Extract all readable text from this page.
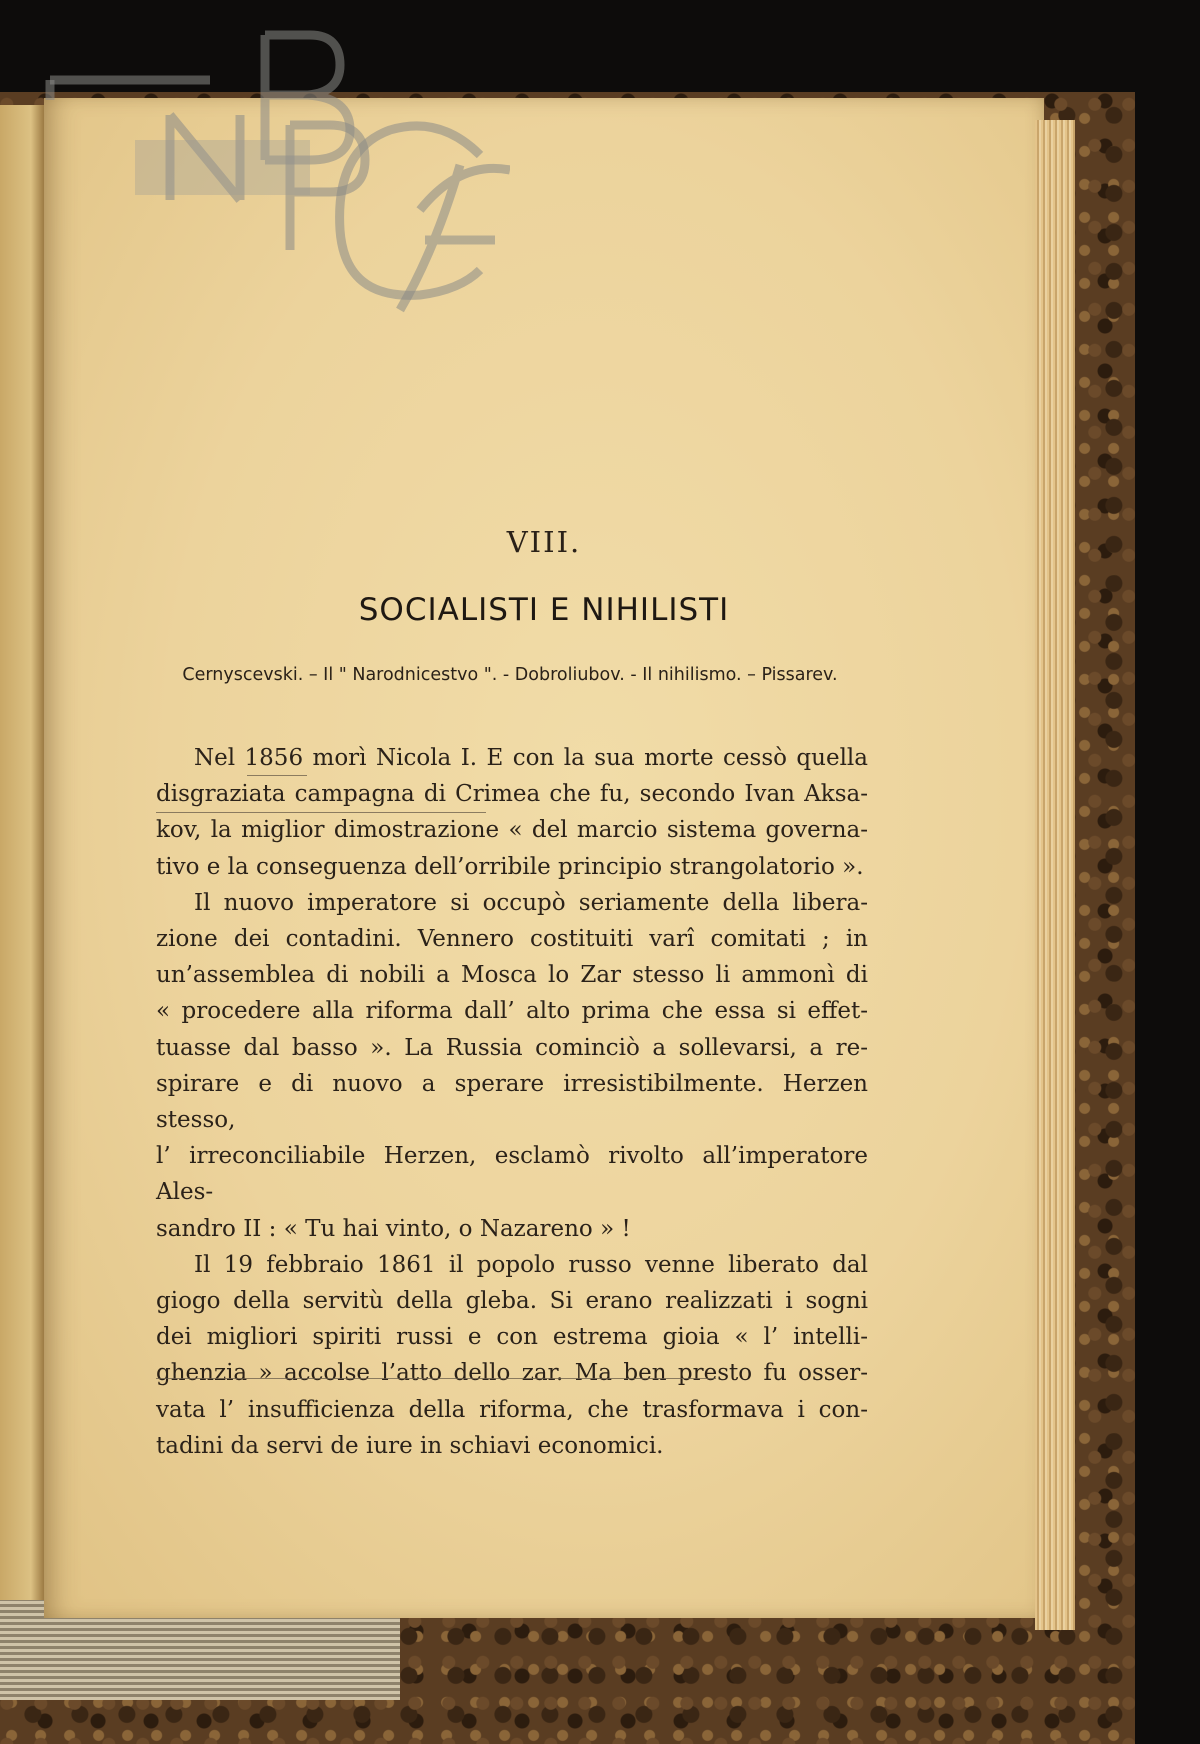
VIII.
SOCIALISTI E NIHILISTI
Cernyscevski. – Il " Narodnicestvo ". - Dobroliubov. - Il nihilismo. – Pissarev.

Nel 1856 morì Nicola I. E con la sua morte cessò quella

disgraziata campagna di Crimea che fu, secondo Ivan Aksa-

kov, la miglior dimostrazione « del marcio sistema governa-

tivo e la conseguenza dell’orribile principio strangolatorio ».

Il nuovo imperatore si occupò seriamente della libera-

zione dei contadini. Vennero costituiti varî comitati ; in

un’assemblea di nobili a Mosca lo Zar stesso li ammonì di

« procedere alla riforma dall’ alto prima che essa si effet-

tuasse dal basso ». La Russia cominciò a sollevarsi, a re-

spirare e di nuovo a sperare irresistibilmente. Herzen stesso,

l’ irreconciliabile Herzen, esclamò rivolto all’imperatore Ales-

sandro II : « Tu hai vinto, o Nazareno » !

Il 19 febbraio 1861 il popolo russo venne liberato dal

giogo della servitù della gleba. Si erano realizzati i sogni

dei migliori spiriti russi e con estrema gioia « l’ intelli-

ghenzia » accolse l’atto dello zar. Ma ben presto fu osser-

vata l’ insufficienza della riforma, che trasformava i con-

tadini da servi de iure in schiavi economici.
